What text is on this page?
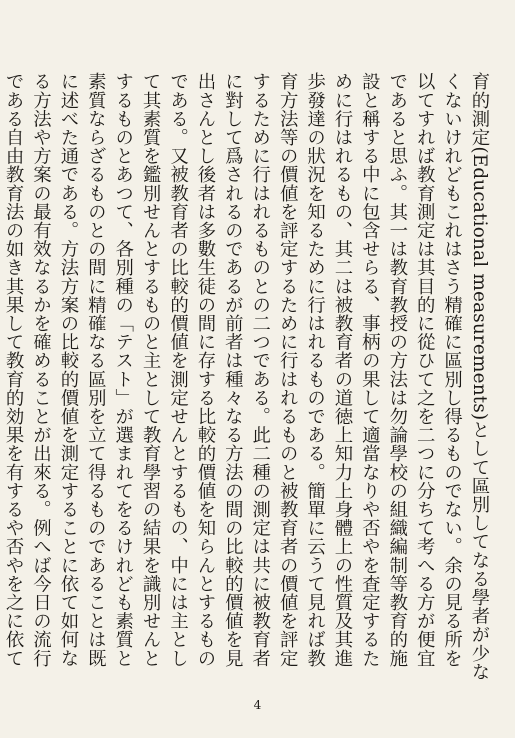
育的測定(Educational measurements)として區別してなる學者が少なくないけれどもこれはさう精確に區別し得るものでない。余の見る所を以てすれば教育測定は其目的に從ひて之を二つに分ちて考へる方が便宜であると思ふ。其一は教育教授の方法は勿論學校の組織編制等教育的施設と稱する中に包含せらる、事柄の果して適當なりや否やを査定するために行はれるもの、其二は被教育者の道徳上知力上身體上の性質及其進歩發達の狀況を知るために行はれるものである。簡單に云うて見れば教育方法等の價値を評定するために行はれるものと被教育者の價値を評定するために行はれるものとの二つである。此二種の測定は共に被教育者に對して爲されるのであるが前者は種々なる方法の間の比較的價値を見出さんとし後者は多數生徒の間に存する比較的價値を知らんとするものである。又被教育者の比較的價値を測定せんとするもの、中には主として其素質を鑑別せんとするものと主として教育學習の結果を識別せんとするものとあつて、各別種の「テスト」が選まれてをるけれども素質と素質ならざるものとの間に精確なる區別を立て得るものであることは既に述べた通である。方法方案の比較的價値を測定することに依て如何なる方法や方案の最有效なるかを確めることが出來る。例へば今日の流行である自由教育法の如き其果して教育的効果を有するや否やを之に依て

4
